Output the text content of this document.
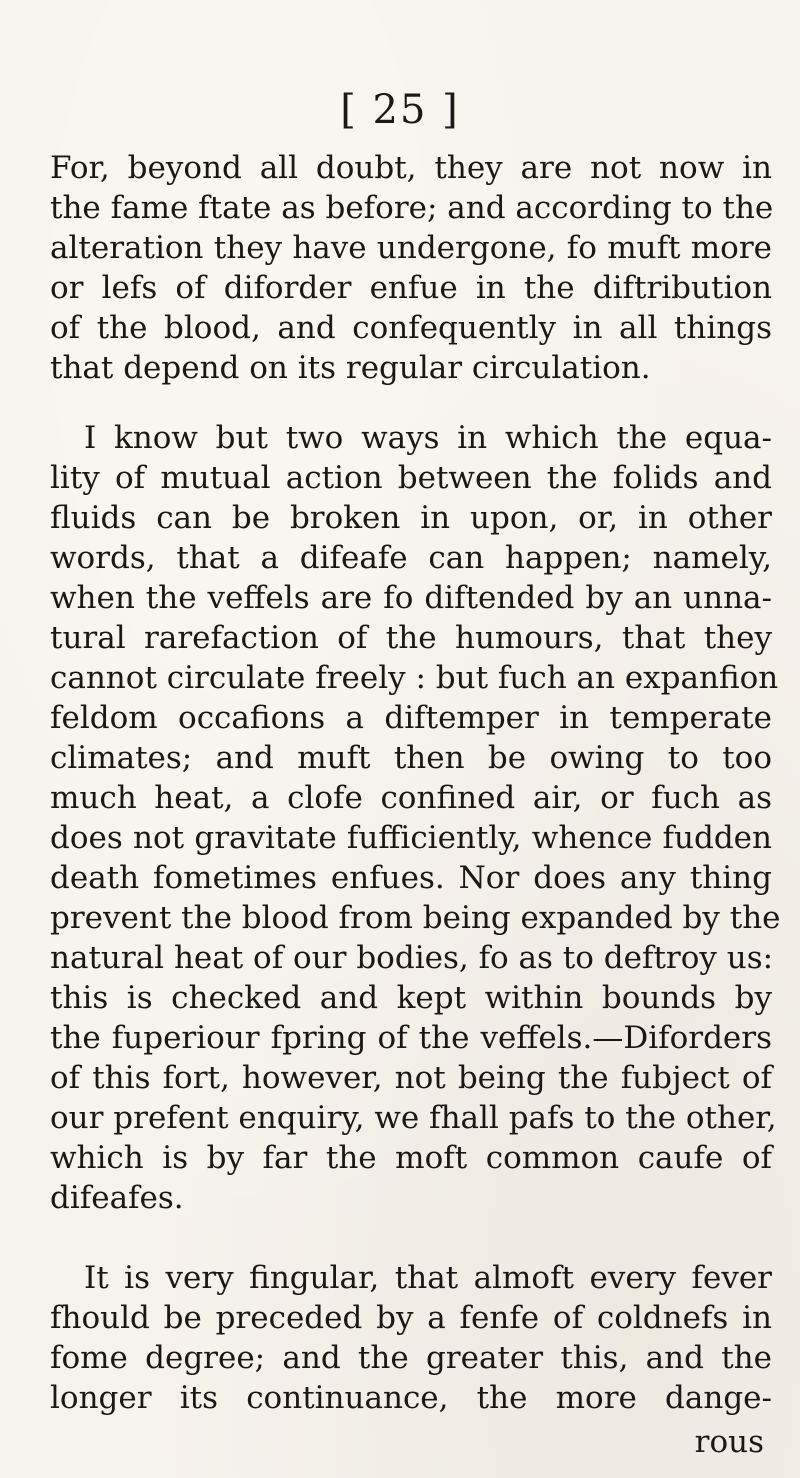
[ 25 ]
For, beyond all doubt, they are not now in
the fame ftate as before; and according to the
alteration they have undergone, fo muft more
or lefs of diforder enfue in the diftribution
of the blood, and confequently in all things
that depend on its regular circulation.
I know but two ways in which the equa-
lity of mutual action between the folids and
fluids can be broken in upon, or, in other
words, that a difeafe can happen; namely,
when the veffels are fo diftended by an unna-
tural rarefaction of the humours, that they
cannot circulate freely : but fuch an expanfion
feldom occafions a diftemper in temperate
climates; and muft then be owing to too
much heat, a clofe confined air, or fuch as
does not gravitate fufficiently, whence fudden
death fometimes enfues. Nor does any thing
prevent the blood from being expanded by the
natural heat of our bodies, fo as to deftroy us:
this is checked and kept within bounds by
the fuperiour fpring of the veffels.—Diforders
of this fort, however, not being the fubject of
our prefent enquiry, we fhall pafs to the other,
which is by far the moft common caufe of
difeafes.
It is very fingular, that almoft every fever
fhould be preceded by a fenfe of coldnefs in
fome degree; and the greater this, and the
longer its continuance, the more dange-
rous
